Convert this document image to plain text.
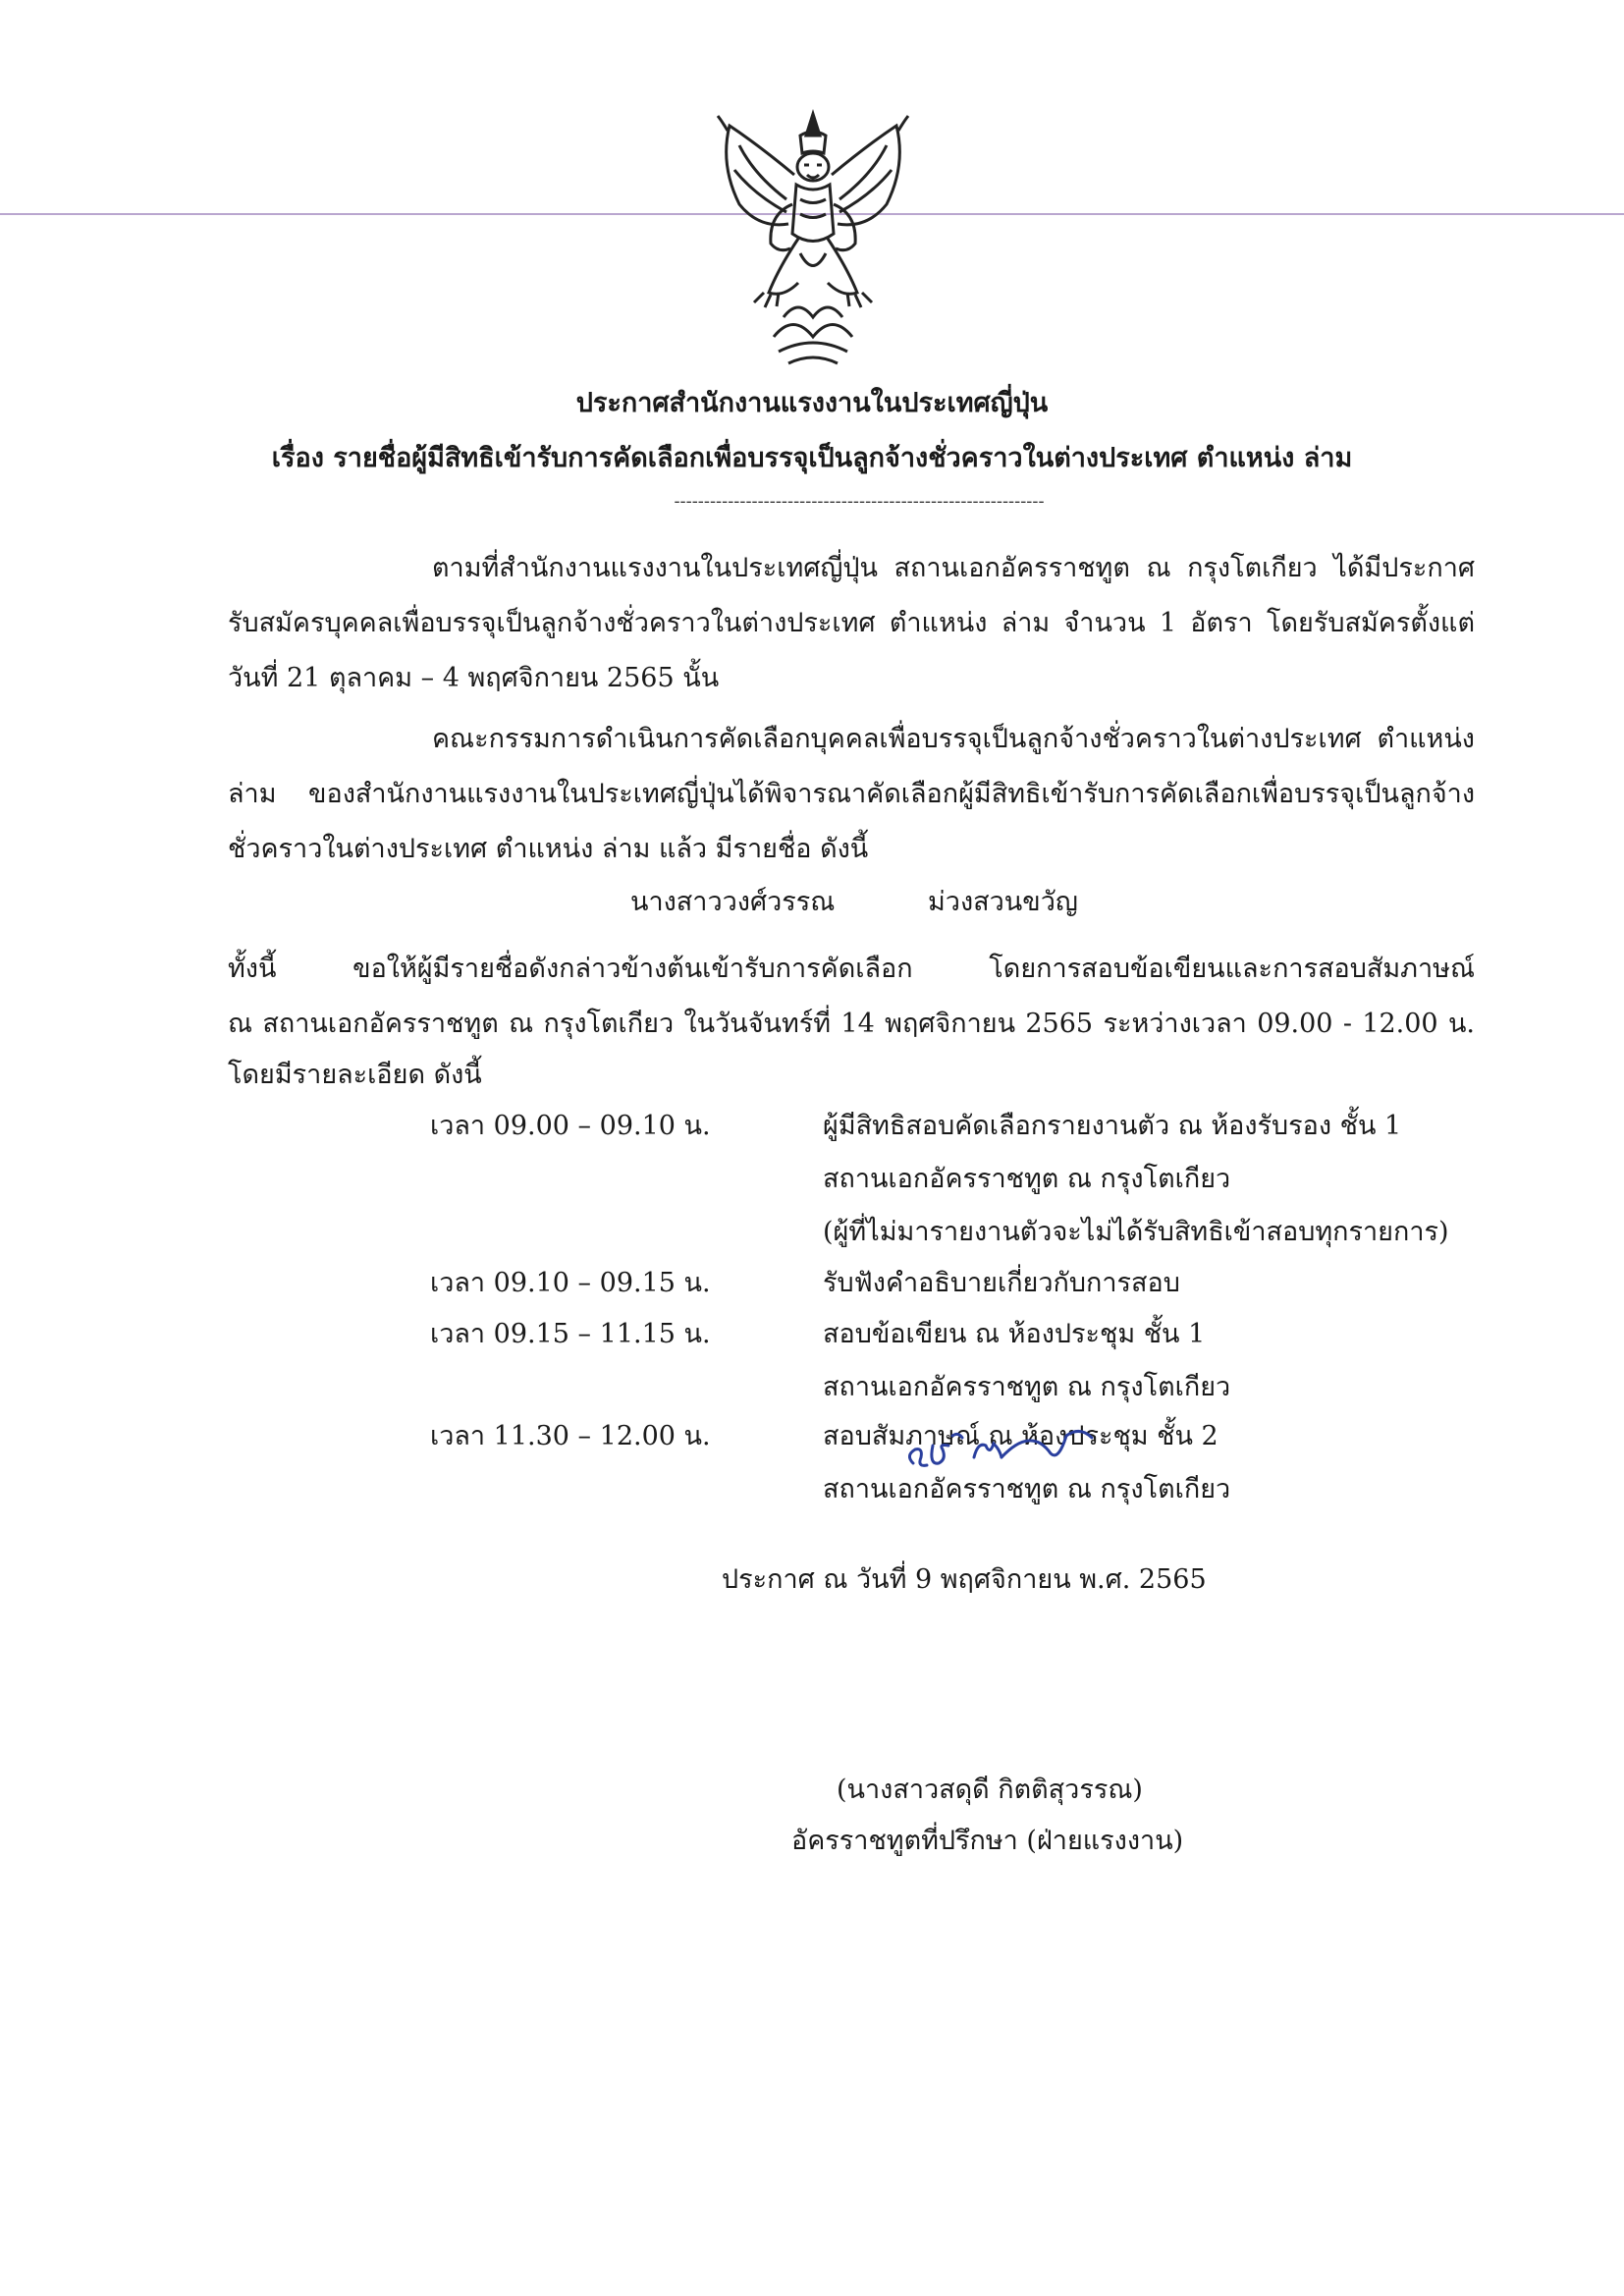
ประกาศสำนักงานแรงงานในประเทศญี่ปุ่น
เรื่อง รายชื่อผู้มีสิทธิเข้ารับการคัดเลือกเพื่อบรรจุเป็นลูกจ้างชั่วคราวในต่างประเทศ ตำแหน่ง ล่าม
--------------------------------------------------------------
ตามที่สำนักงานแรงงานในประเทศญี่ปุ่น สถานเอกอัครราชทูต ณ กรุงโตเกียว ได้มีประกาศ
รับสมัครบุคคลเพื่อบรรจุเป็นลูกจ้างชั่วคราวในต่างประเทศ ตำแหน่ง ล่าม จำนวน 1 อัตรา โดยรับสมัครตั้งแต่
วันที่ 21 ตุลาคม – 4 พฤศจิกายน 2565 นั้น
คณะกรรมการดำเนินการคัดเลือกบุคคลเพื่อบรรจุเป็นลูกจ้างชั่วคราวในต่างประเทศ ตำแหน่ง
ล่าม ของสำนักงานแรงงานในประเทศญี่ปุ่นได้พิจารณาคัดเลือกผู้มีสิทธิเข้ารับการคัดเลือกเพื่อบรรจุเป็นลูกจ้าง
ชั่วคราวในต่างประเทศ ตำแหน่ง ล่าม แล้ว มีรายชื่อ ดังนี้
นางสาววงศ์วรรณ	ม่วงสวนขวัญ
ทั้งนี้ ขอให้ผู้มีรายชื่อดังกล่าวข้างต้นเข้ารับการคัดเลือก โดยการสอบข้อเขียนและการสอบสัมภาษณ์
ณ สถานเอกอัครราชทูต ณ กรุงโตเกียว ในวันจันทร์ที่ 14 พฤศจิกายน 2565 ระหว่างเวลา 09.00 - 12.00 น.
โดยมีรายละเอียด ดังนี้
เวลา 09.00 – 09.10 น.	ผู้มีสิทธิสอบคัดเลือกรายงานตัว ณ ห้องรับรอง ชั้น 1
สถานเอกอัครราชทูต ณ กรุงโตเกียว
(ผู้ที่ไม่มารายงานตัวจะไม่ได้รับสิทธิเข้าสอบทุกรายการ)
เวลา 09.10 – 09.15 น.	รับฟังคำอธิบายเกี่ยวกับการสอบ
เวลา 09.15 – 11.15 น.	สอบข้อเขียน ณ ห้องประชุม ชั้น 1
สถานเอกอัครราชทูต ณ กรุงโตเกียว
เวลา 11.30 – 12.00 น.	สอบสัมภาษณ์ ณ ห้องประชุม ชั้น 2
สถานเอกอัครราชทูต ณ กรุงโตเกียว
ประกาศ ณ วันที่ 9 พฤศจิกายน พ.ศ. 2565
(นางสาวสดุดี กิตติสุวรรณ)
อัครราชทูตที่ปรึกษา (ฝ่ายแรงงาน)
